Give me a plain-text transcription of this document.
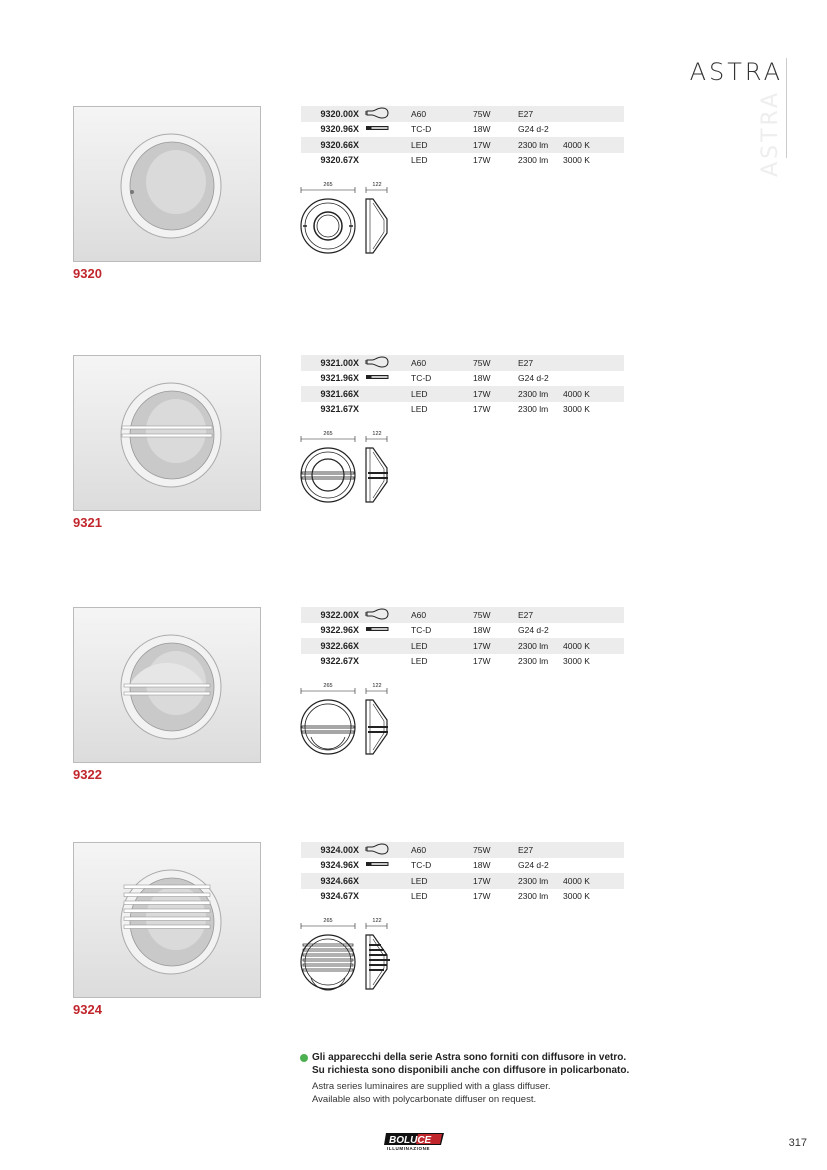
ASTRA
ASTRA
9320
9320.00X		A60	75W	E27	
9320.96X		TC-D	18W	G24 d-2	
9320.66X		LED	17W	2300 lm	4000 K
9320.67X		LED	17W	2300 lm	3000 K
265	122
9321
9321.00X		A60	75W	E27	
9321.96X		TC-D	18W	G24 d-2	
9321.66X		LED	17W	2300 lm	4000 K
9321.67X		LED	17W	2300 lm	3000 K
265	122
9322
9322.00X		A60	75W	E27	
9322.96X		TC-D	18W	G24 d-2	
9322.66X		LED	17W	2300 lm	4000 K
9322.67X		LED	17W	2300 lm	3000 K
265	122
9324
9324.00X		A60	75W	E27	
9324.96X		TC-D	18W	G24 d-2	
9324.66X		LED	17W	2300 lm	4000 K
9324.67X		LED	17W	2300 lm	3000 K
265	122
Gli apparecchi della serie Astra sono forniti con diffusore in vetro.
Su richiesta sono disponibili anche con diffusore in policarbonato.
Astra series luminaires are supplied with a glass diffuser.
Available also with polycarbonate diffuser on request.
BOLUCE
ILLUMINAZIONE	317
